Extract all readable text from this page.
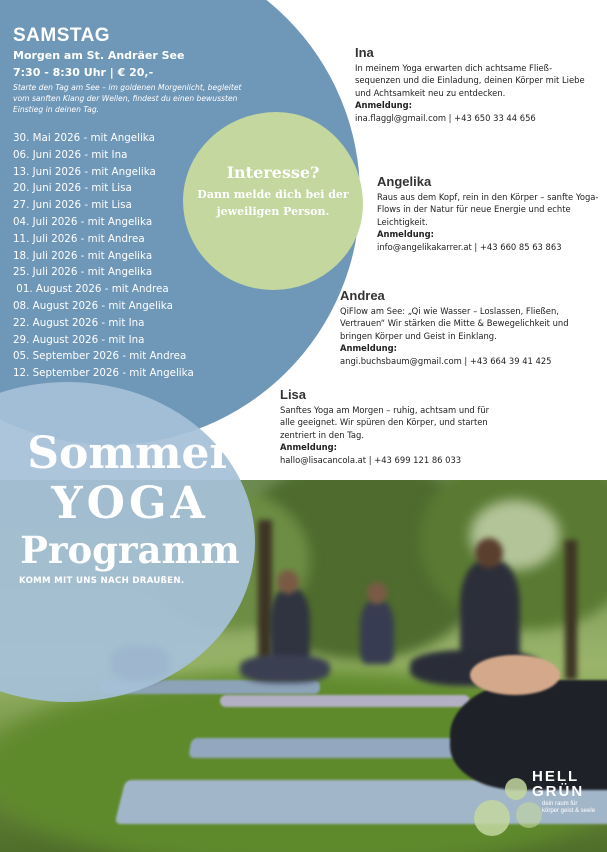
SAMSTAG
Morgen am St. Andräer See
7:30 - 8:30 Uhr | € 20,-
Starte den Tag am See – im goldenen Morgenlicht, begleitet vom sanften Klang der Wellen, findest du einen bewussten Einstieg in deinen Tag.
30. Mai 2026 - mit Angelika
06. Juni 2026 - mit Ina
13. Juni 2026 - mit Angelika
20. Juni 2026 - mit Lisa
27. Juni 2026 - mit Lisa
04. Juli 2026 - mit Angelika
11. Juli 2026 - mit Andrea
18. Juli 2026 - mit Angelika
25. Juli 2026 - mit Angelika
01. August 2026 - mit Andrea
08. August 2026 - mit Angelika
22. August 2026 - mit Ina
29. August 2026 - mit Ina
05. September 2026 - mit Andrea
12. September 2026 - mit Angelika
Interesse?
Dann melde dich bei der jeweiligen Person.
Ina
In meinem Yoga erwarten dich achtsame Fließ-sequenzen und die Einladung, deinen Körper mit Liebe und Achtsamkeit neu zu entdecken.
Anmeldung:
ina.flaggl@gmail.com | +43 650 33 44 656
Angelika
Raus aus dem Kopf, rein in den Körper – sanfte Yoga-Flows in der Natur für neue Energie und echte Leichtigkeit.
Anmeldung:
info@angelikakarrer.at | +43 660 85 63 863
Andrea
QiFlow am See: „Qi wie Wasser – Loslassen, Fließen, Vertrauen“ Wir stärken die Mitte & Bewegelichkeit und bringen Körper und Geist in Einklang.
Anmeldung:
angi.buchsbaum@gmail.com | +43 664 39 41 425
Lisa
Sanftes Yoga am Morgen – ruhig, achtsam und für alle geeignet. Wir spüren den Körper, und starten zentriert in den Tag.
Anmeldung:
hallo@lisacancola.at | +43 699 121 86 033
Sommer
YOGA
Programm
KOMM MIT UNS NACH DRAUßEN.
HELL
GRÜN
dein raum für körper geist & seele
